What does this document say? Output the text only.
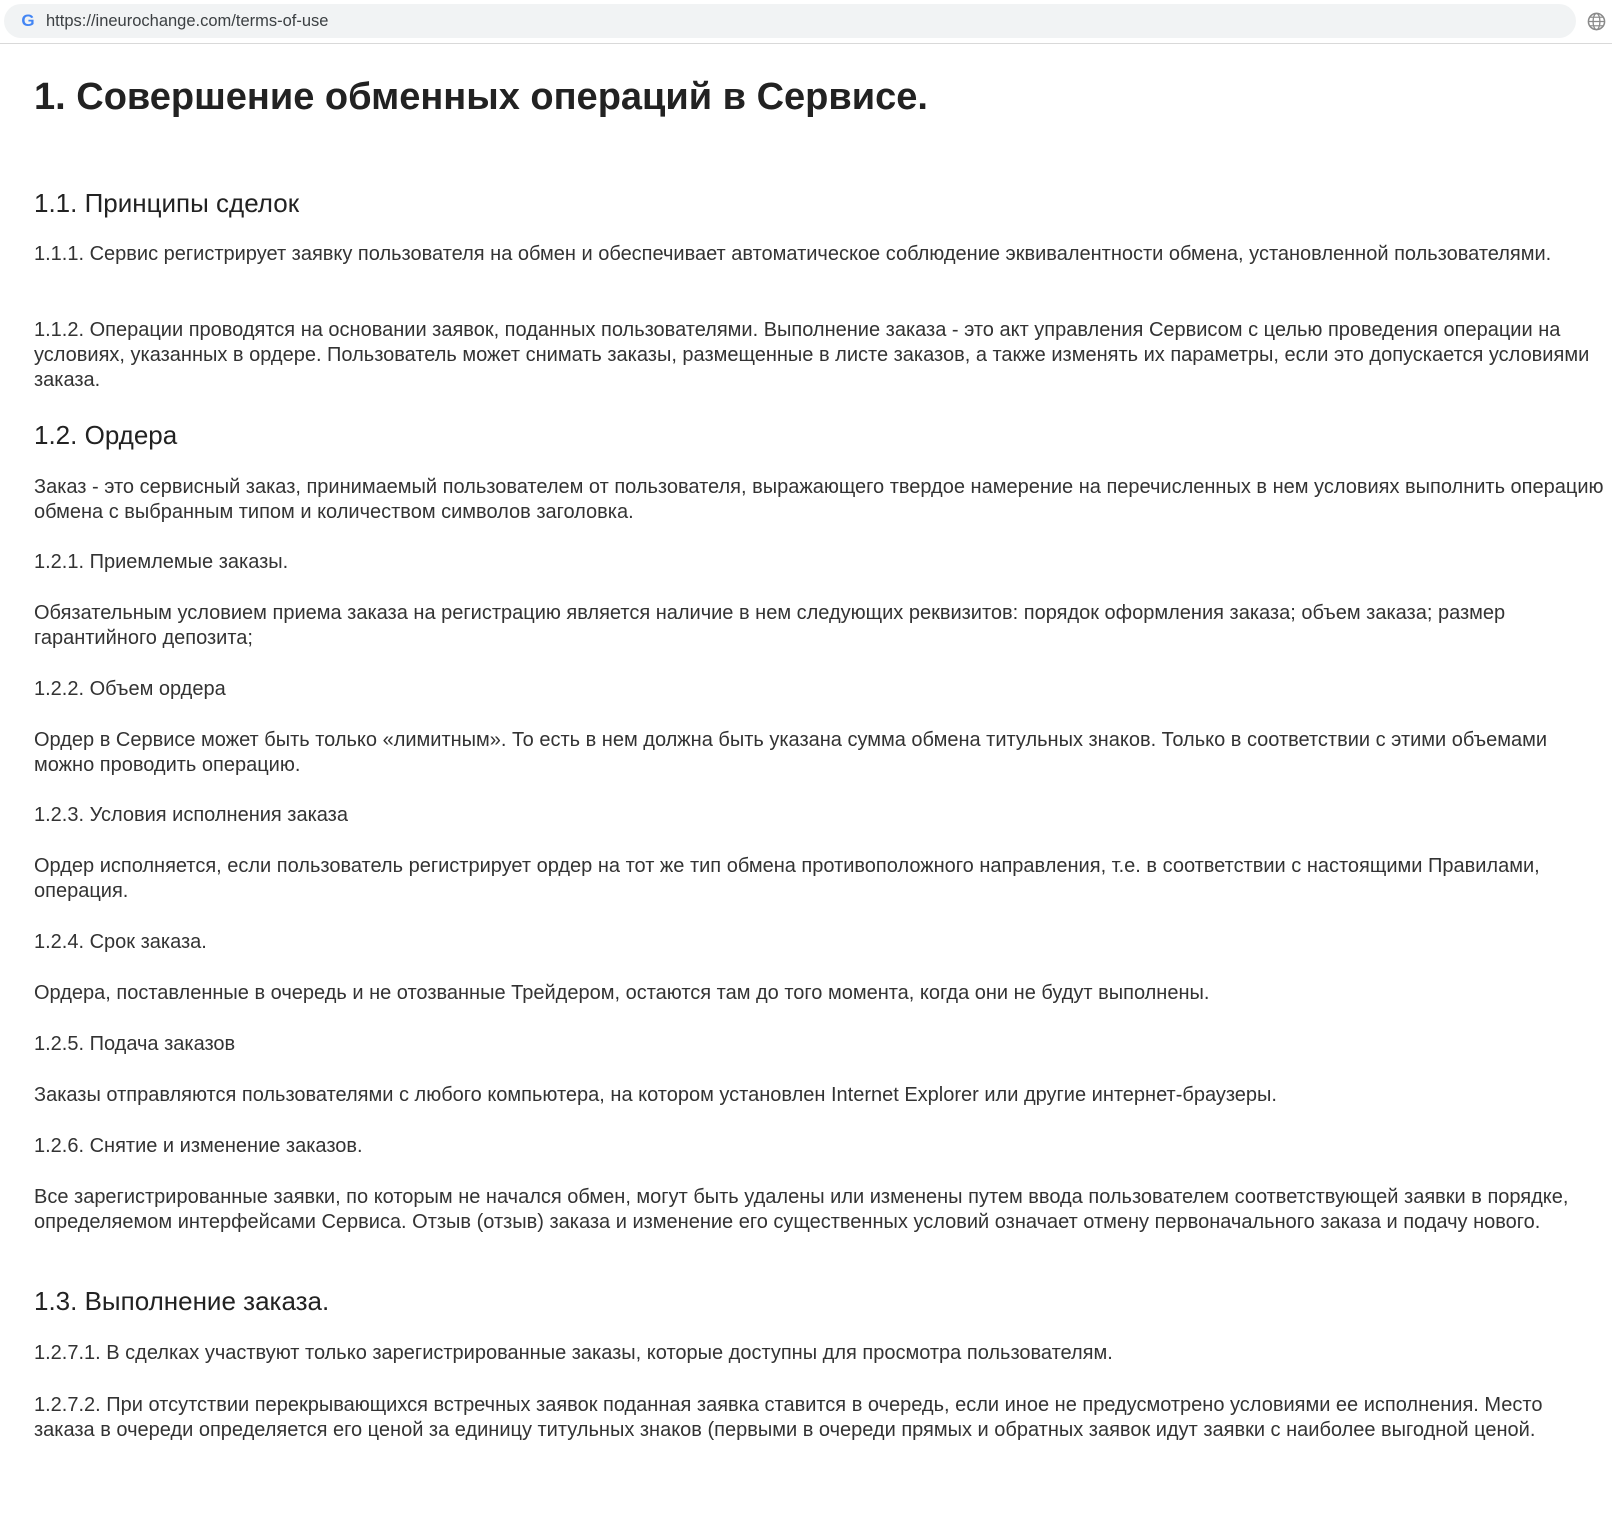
G https://ineurochange.com/terms-of-use
1. Совершение обменных операций в Сервисе.
1.1. Принципы сделок

1.1.1. Сервис регистрирует заявку пользователя на обмен и обеспечивает автоматическое соблюдение эквивалентности обмена, установленной пользователями.

1.1.2. Операции проводятся на основании заявок, поданных пользователями. Выполнение заказа - это акт управления Сервисом с целью проведения операции на условиях, указанных в ордере. Пользователь может снимать заказы, размещенные в листе заказов, а также изменять их параметры, если это допускается условиями заказа.

1.2. Ордера

Заказ - это сервисный заказ, принимаемый пользователем от пользователя, выражающего твердое намерение на перечисленных в нем условиях выполнить операцию обмена с выбранным типом и количеством символов заголовка.

1.2.1. Приемлемые заказы.

Обязательным условием приема заказа на регистрацию является наличие в нем следующих реквизитов: порядок оформления заказа; объем заказа; размер гарантийного депозита;

1.2.2. Объем ордера

Ордер в Сервисе может быть только «лимитным». То есть в нем должна быть указана сумма обмена титульных знаков. Только в соответствии с этими объемами можно проводить операцию.

1.2.3. Условия исполнения заказа

Ордер исполняется, если пользователь регистрирует ордер на тот же тип обмена противоположного направления, т.е. в соответствии с настоящими Правилами, операция.

1.2.4. Срок заказа.

Ордера, поставленные в очередь и не отозванные Трейдером, остаются там до того момента, когда они не будут выполнены.

1.2.5. Подача заказов

Заказы отправляются пользователями с любого компьютера, на котором установлен Internet Explorer или другие интернет-браузеры.

1.2.6. Снятие и изменение заказов.

Все зарегистрированные заявки, по которым не начался обмен, могут быть удалены или изменены путем ввода пользователем соответствующей заявки в порядке, определяемом интерфейсами Сервиса. Отзыв (отзыв) заказа и изменение его существенных условий означает отмену первоначального заказа и подачу нового.

1.3. Выполнение заказа.

1.2.7.1. В сделках участвуют только зарегистрированные заказы, которые доступны для просмотра пользователям.

1.2.7.2. При отсутствии перекрывающихся встречных заявок поданная заявка ставится в очередь, если иное не предусмотрено условиями ее исполнения. Место заказа в очереди определяется его ценой за единицу титульных знаков (первыми в очереди прямых и обратных заявок идут заявки с наиболее выгодной ценой.
